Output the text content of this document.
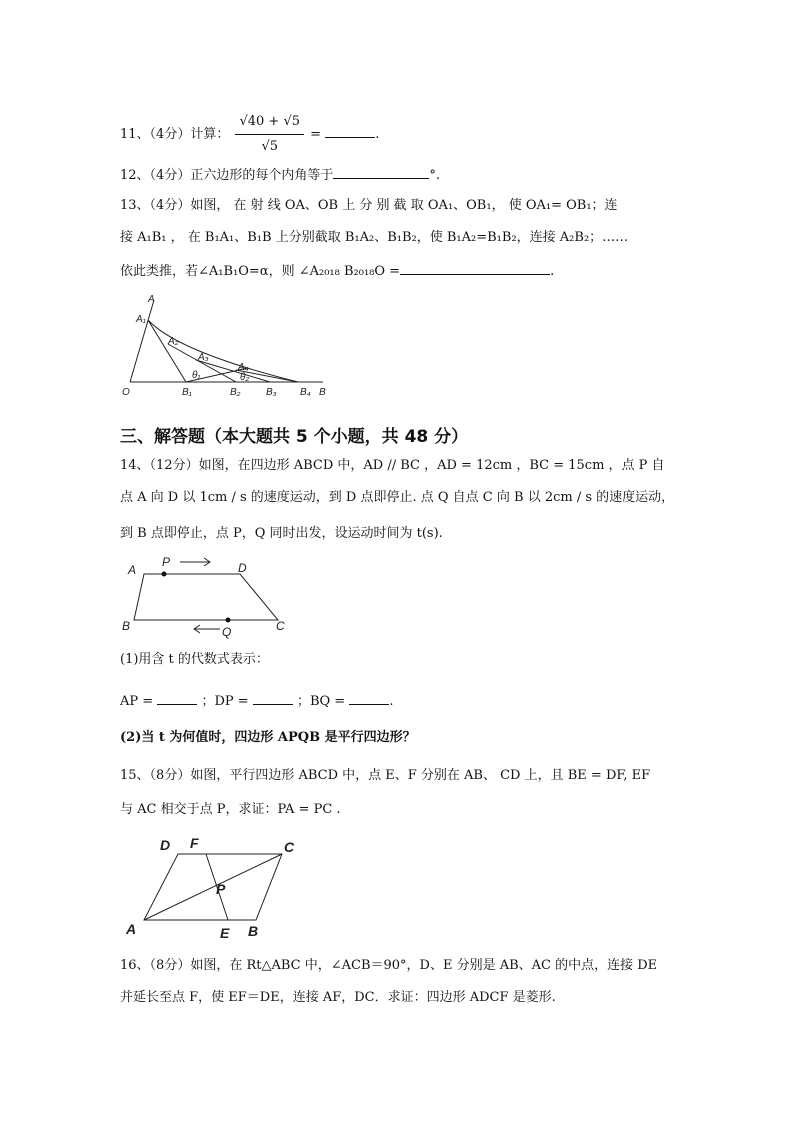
11、（4分）计算： $\frac{√40 + √5}{√5}$ =	.
12、（4分）正六边形的每个内角等于	°.
13、（4分）如图， 在 射 线 OA、OB 上 分 别 截 取 OA₁、OB₁， 使 OA₁= OB₁；连
接 A₁B₁ ， 在 B₁A₁、B₁B 上分别截取 B₁A₂、B₁B₂，使 B₁A₂=B₁B₂，连接 A₂B₂；……
依此类推，若∠A₁B₁O=α，则 ∠A₂₀₁₈ B₂₀₁₈O =	.
A
A₁
A₂
A₃
A₄
θ₁	θ₂
O	B₁	B₂	B₃ B₄ B
三、解答题（本大题共 5 个小题，共 48 分）
14、（12分）如图，在四边形 ABCD 中，AD // BC ，AD = 12cm ，BC = 15cm ，点 P 自
点 A 向 D 以 1cm / s 的速度运动，到 D 点即停止. 点 Q 自点 C 向 B 以 2cm / s 的速度运动，
到 B 点即停止，点 P，Q 同时出发，设运动时间为 t(s).
A
P	D
B	Q	C
(1)用含 t 的代数式表示：
AP =	；DP =	；BQ =	.
(2)当 t 为何值时，四边形 APQB 是平行四边形？
15、（8分）如图，平行四边形 ABCD 中，点 E、F 分别在 AB、 CD 上，且 BE = DF, EF
与 AC 相交于点 P，求证：PA = PC .
D F	C
P
A	E B
16、（8分）如图，在 Rt△ABC 中，∠ACB＝90°，D、E 分别是 AB、AC 的中点，连接 DE
并延长至点 F，使 EF＝DE，连接 AF，DC．求证：四边形 ADCF 是菱形.
